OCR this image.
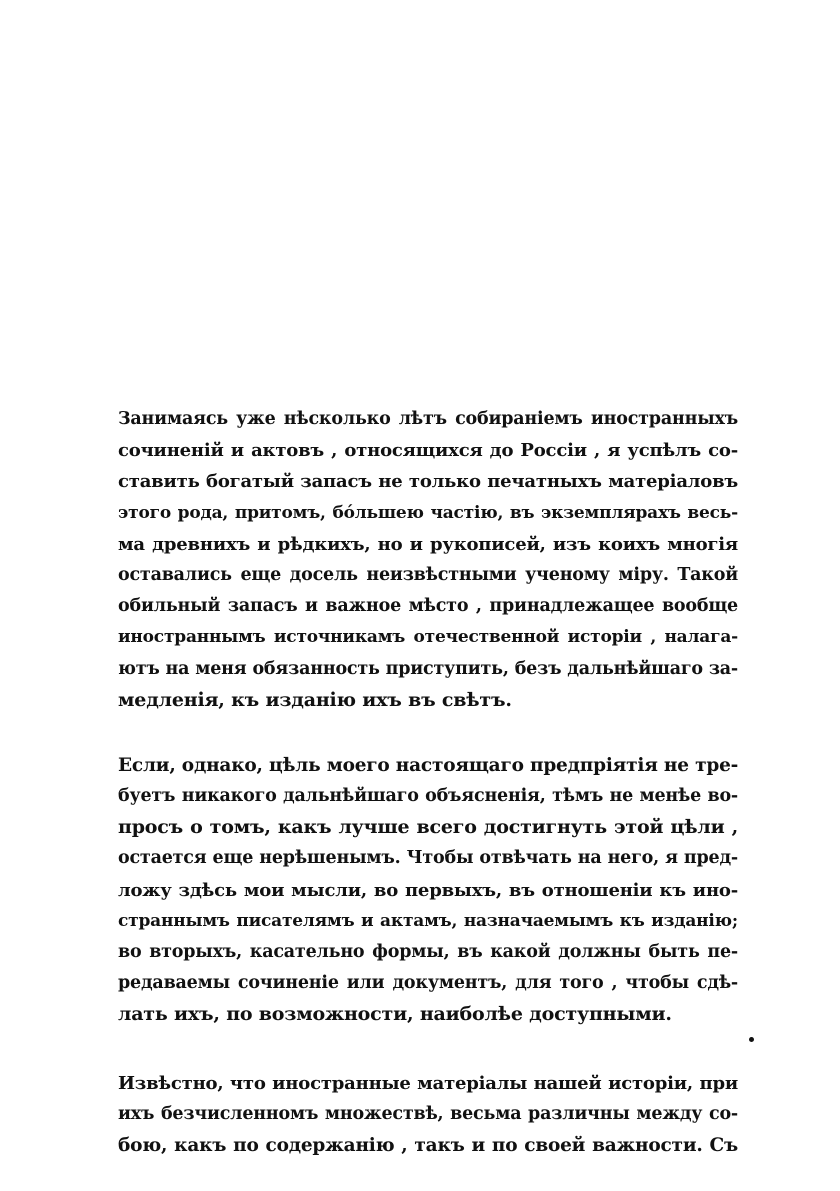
Занимаясь уже нѣсколько лѣтъ собираніемъ иностранныхъ
сочиненій и актовъ , относящихся до Россіи , я успѣлъ со-
ставить богатый запасъ не только печатныхъ матеріаловъ
этого рода, притомъ, бóльшею частію, въ экземплярахъ весь-
ма древнихъ и рѣдкихъ, но и рукописей, изъ коихъ многія
оставались еще досель неизвѣстными ученому міру. Такой
обильный запасъ и важное мѣсто , принадлежащее вообще
иностраннымъ источникамъ отечественной исторіи , налага-
ютъ на меня обязанность приступить, безъ дальнѣйшаго за-
медленія, къ изданію ихъ въ свѣтъ.
Если, однако, цѣль моего настоящаго предпріятія не тре-
буетъ никакого дальнѣйшаго объясненія, тѣмъ не менѣе во-
просъ о томъ, какъ лучше всего достигнуть этой цѣли ,
остается еще нерѣшенымъ. Чтобы отвѣчать на него, я пред-
ложу здѣсь мои мысли, во первыхъ, въ отношеніи къ ино-
страннымъ писателямъ и актамъ, назначаемымъ къ изданію;
во вторыхъ, касательно формы, въ какой должны быть пе-
редаваемы сочиненіе или документъ, для того , чтобы сдѣ-
лать ихъ, по возможности, наиболѣе доступными.
Извѣстно, что иностранные матеріалы нашей исторіи, при
ихъ безчисленномъ множествѣ, весьма различны между со-
бою, какъ по содержанію , такъ и по своей важности. Съ
